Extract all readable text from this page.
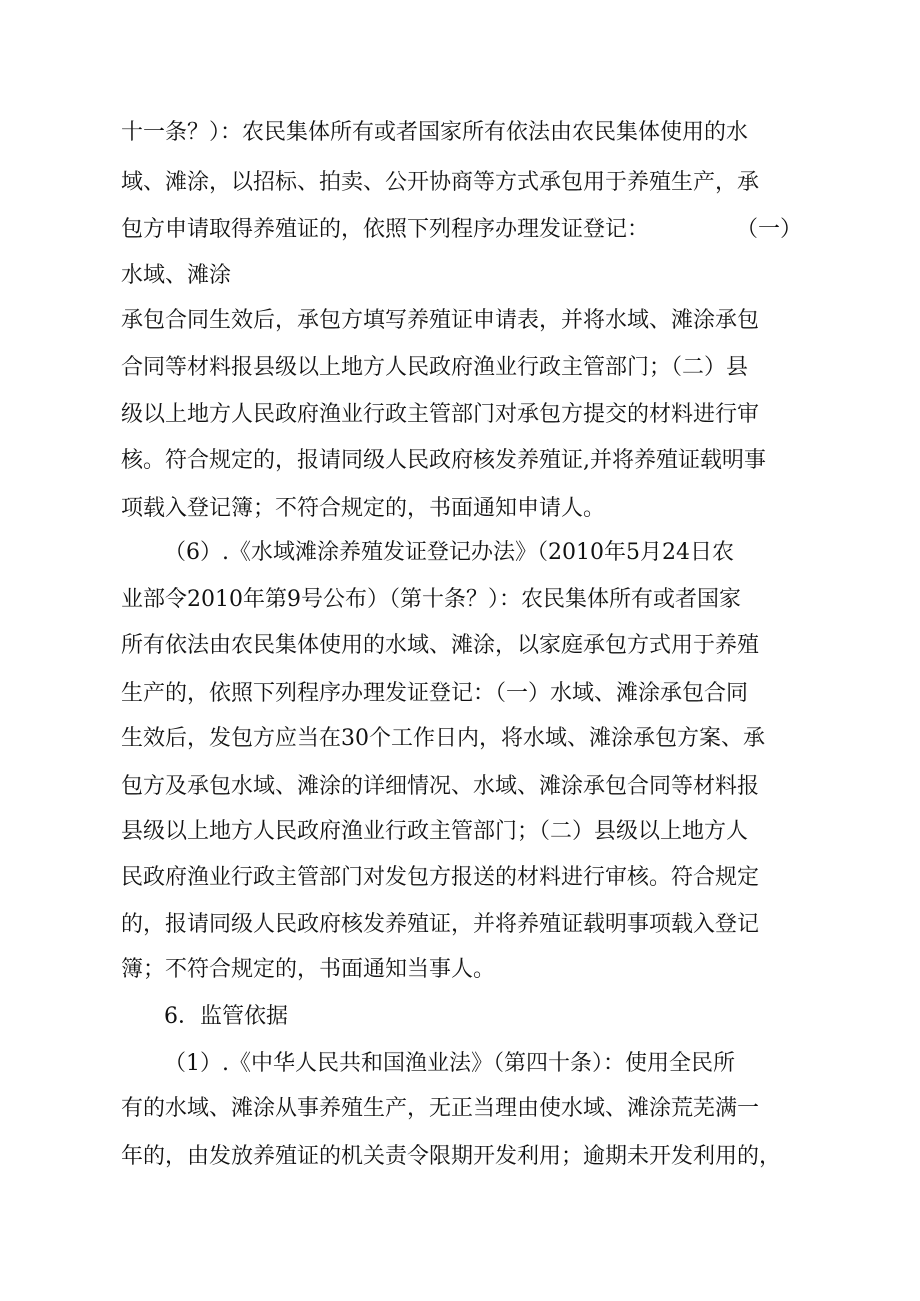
十一条？）：农民集体所有或者国家所有依法由农民集体使用的水

域、滩涂，以招标、拍卖、公开协商等方式承包用于养殖生产，承

包方申请取得养殖证的，依照下列程序办理发证登记：

	（一）

水域、滩涂

承包合同生效后，承包方填写养殖证申请表，并将水域、滩涂承包

合同等材料报县级以上地方人民政府渔业行政主管部门；（二）县

级以上地方人民政府渔业行政主管部门对承包方提交的材料进行审

核。符合规定的，报请同级人民政府核发养殖证,并将养殖证载明事

项载入登记簿；不符合规定的，书面通知申请人。

（6）.《水域滩涂养殖发证登记办法》（2010年5月24日农

业部令2010年第9号公布）（第十条？）：农民集体所有或者国家

所有依法由农民集体使用的水域、滩涂，以家庭承包方式用于养殖

生产的，依照下列程序办理发证登记：（一）水域、滩涂承包合同

生效后，发包方应当在30个工作日内，将水域、滩涂承包方案、承

包方及承包水域、滩涂的详细情况、水域、滩涂承包合同等材料报

县级以上地方人民政府渔业行政主管部门；（二）县级以上地方人

民政府渔业行政主管部门对发包方报送的材料进行审核。符合规定

的，报请同级人民政府核发养殖证，并将养殖证载明事项载入登记

簿；不符合规定的，书面通知当事人。

6．监管依据

（1）.《中华人民共和国渔业法》（第四十条）：使用全民所

有的水域、滩涂从事养殖生产，无正当理由使水域、滩涂荒芜满一

年的，由发放养殖证的机关责令限期开发利用；逾期未开发利用的，
